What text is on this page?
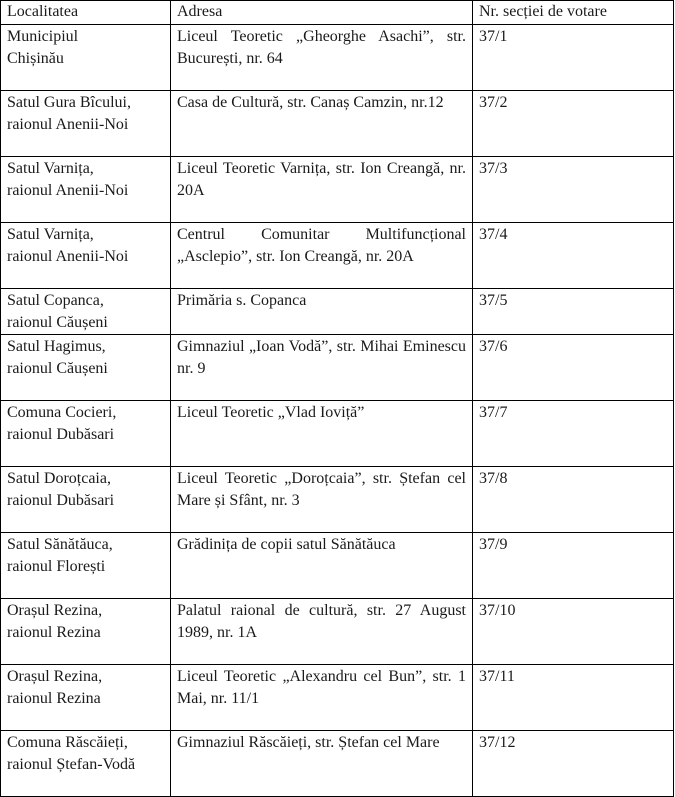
Localitatea	Adresa	Nr. secției de votare

Municipiul
Chișinău	Liceul Teoretic „Gheorghe Asachi”, str. București, nr. 64	37/1

Satul Gura Bîcului,
raionul Anenii-Noi	Casa de Cultură, str. Canaș Camzin, nr.12	37/2

Satul Varnița,
raionul Anenii-Noi	Liceul Teoretic Varnița, str. Ion Creangă, nr. 20A	37/3

Satul Varnița,
raionul Anenii-Noi	Centrul Comunitar Multifuncțional „Asclepio”, str. Ion Creangă, nr. 20A	37/4

Satul Copanca,
raionul Căușeni	Primăria s. Copanca	37/5

Satul Hagimus,
raionul Căușeni	Gimnaziul „Ioan Vodă”, str. Mihai Eminescu nr. 9	37/6

Comuna Cocieri,
raionul Dubăsari	Liceul Teoretic „Vlad Ioviță”	37/7

Satul Doroțcaia,
raionul Dubăsari	Liceul Teoretic „Doroțcaia”, str. Ștefan cel Mare și Sfânt, nr. 3	37/8

Satul Sănătăuca,
raionul Florești	Grădinița de copii satul Sănătăuca	37/9

Orașul Rezina,
raionul Rezina	Palatul raional de cultură, str. 27 August 1989, nr. 1A	37/10

Orașul Rezina,
raionul Rezina	Liceul Teoretic „Alexandru cel Bun”, str. 1 Mai, nr. 11/1	37/11

Comuna Răscăieți,
raionul Ștefan-Vodă	Gimnaziul Răscăieți, str. Ștefan cel Mare	37/12
